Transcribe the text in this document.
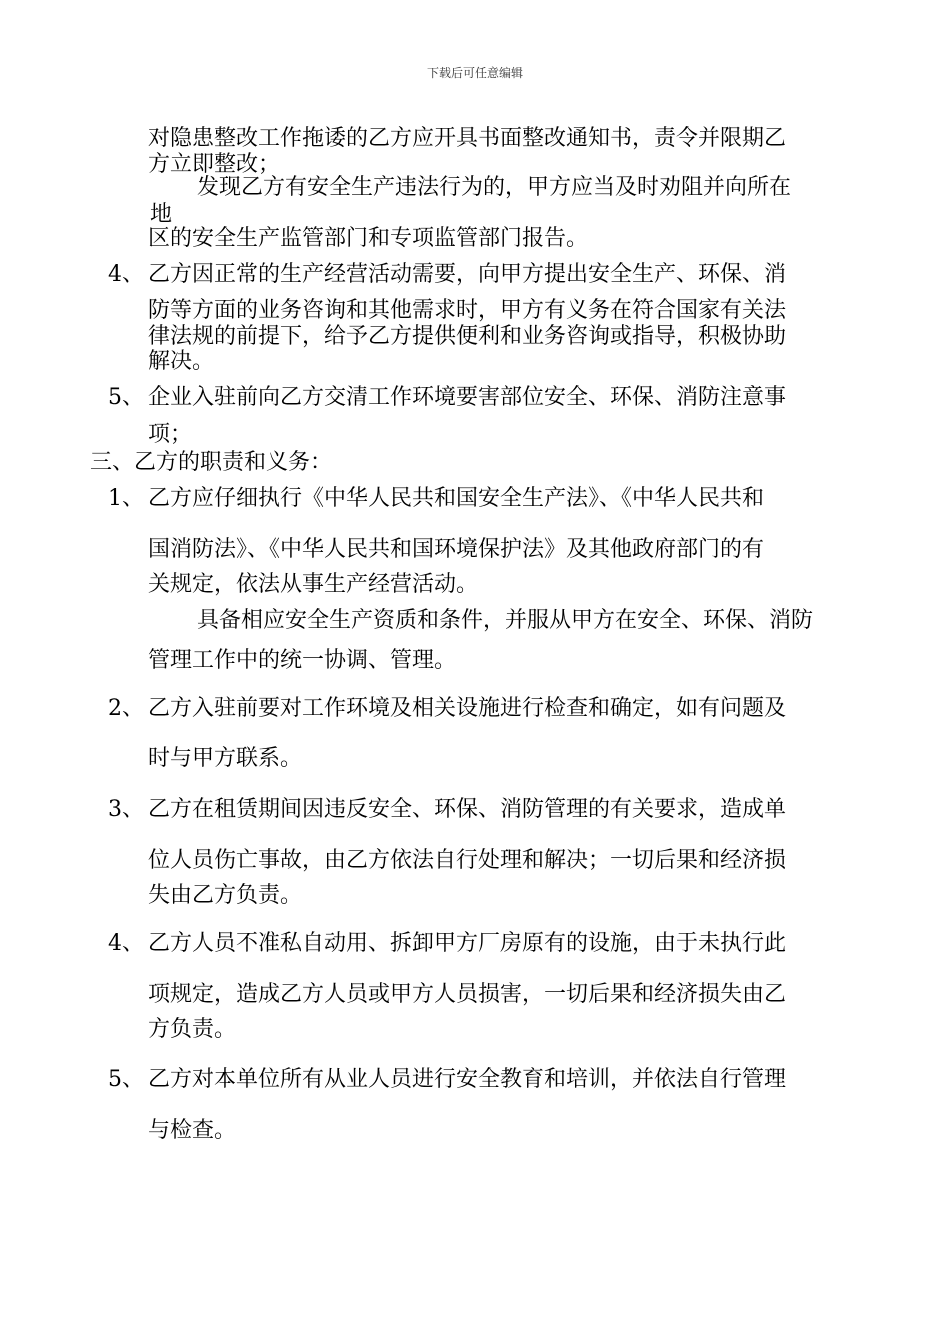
下载后可任意编辑
对隐患整改工作拖诿的乙方应开具书面整改通知书，责令并限期乙
方立即整改；
发现乙方有安全生产违法行为的，甲方应当及时劝阻并向所在
地
区的安全生产监管部门和专项监管部门报告。
乙方因正常的生产经营活动需要，向甲方提出安全生产、环保、消
防等方面的业务咨询和其他需求时，甲方有义务在符合国家有关法
律法规的前提下，给予乙方提供便利和业务咨询或指导，积极协助
解决。
企业入驻前向乙方交清工作环境要害部位安全、环保、消防注意事
项；
三、乙方的职责和义务：
乙方应仔细执行《中华人民共和国安全生产法》、《中华人民共和
国消防法》、《中华人民共和国环境保护法》及其他政府部门的有
关规定，依法从事生产经营活动。
具备相应安全生产资质和条件，并服从甲方在安全、环保、消防
管理工作中的统一协调、管理。
乙方入驻前要对工作环境及相关设施进行检查和确定，如有问题及
时与甲方联系。
乙方在租赁期间因违反安全、环保、消防管理的有关要求，造成单
位人员伤亡事故，由乙方依法自行处理和解决；一切后果和经济损
失由乙方负责。
乙方人员不准私自动用、拆卸甲方厂房原有的设施，由于未执行此
项规定，造成乙方人员或甲方人员损害，一切后果和经济损失由乙
方负责。
乙方对本单位所有从业人员进行安全教育和培训，并依法自行管理
与检查。
4、
5、
1、
2、
3、
4、
5、
